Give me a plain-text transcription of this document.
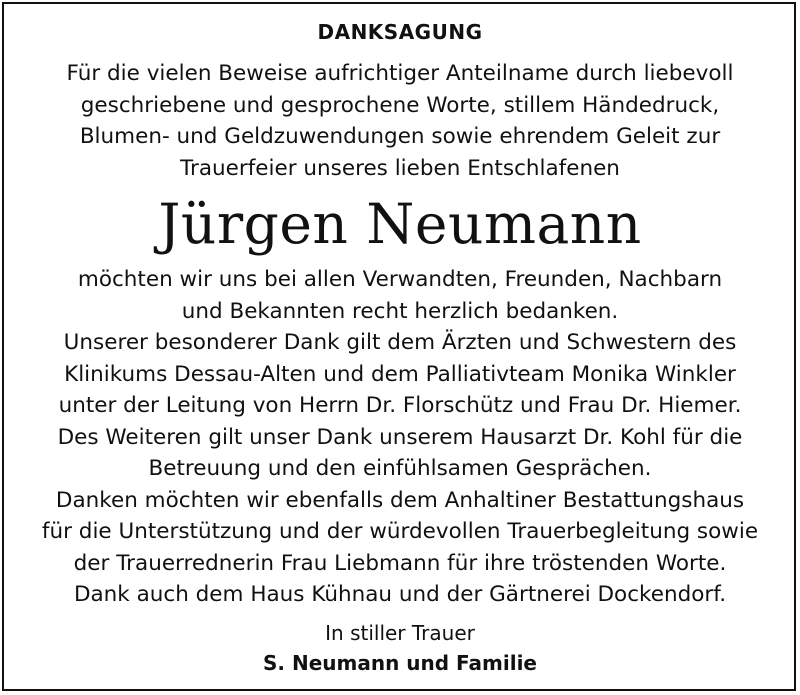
DANKSAGUNG
Für die vielen Beweise aufrichtiger Anteilname durch liebevoll
geschriebene und gesprochene Worte, stillem Händedruck,
Blumen- und Geldzuwendungen sowie ehrendem Geleit zur
Trauerfeier unseres lieben Entschlafenen
Jürgen Neumann
möchten wir uns bei allen Verwandten, Freunden, Nachbarn
und Bekannten recht herzlich bedanken.
Unserer besonderer Dank gilt dem Ärzten und Schwestern des
Klinikums Dessau-Alten und dem Palliativteam Monika Winkler
unter der Leitung von Herrn Dr. Florschütz und Frau Dr. Hiemer.
Des Weiteren gilt unser Dank unserem Hausarzt Dr. Kohl für die
Betreuung und den einfühlsamen Gesprächen.
Danken möchten wir ebenfalls dem Anhaltiner Bestattungshaus
für die Unterstützung und der würdevollen Trauerbegleitung sowie
der Trauerrednerin Frau Liebmann für ihre tröstenden Worte.
Dank auch dem Haus Kühnau und der Gärtnerei Dockendorf.
In stiller Trauer
S. Neumann und Familie
